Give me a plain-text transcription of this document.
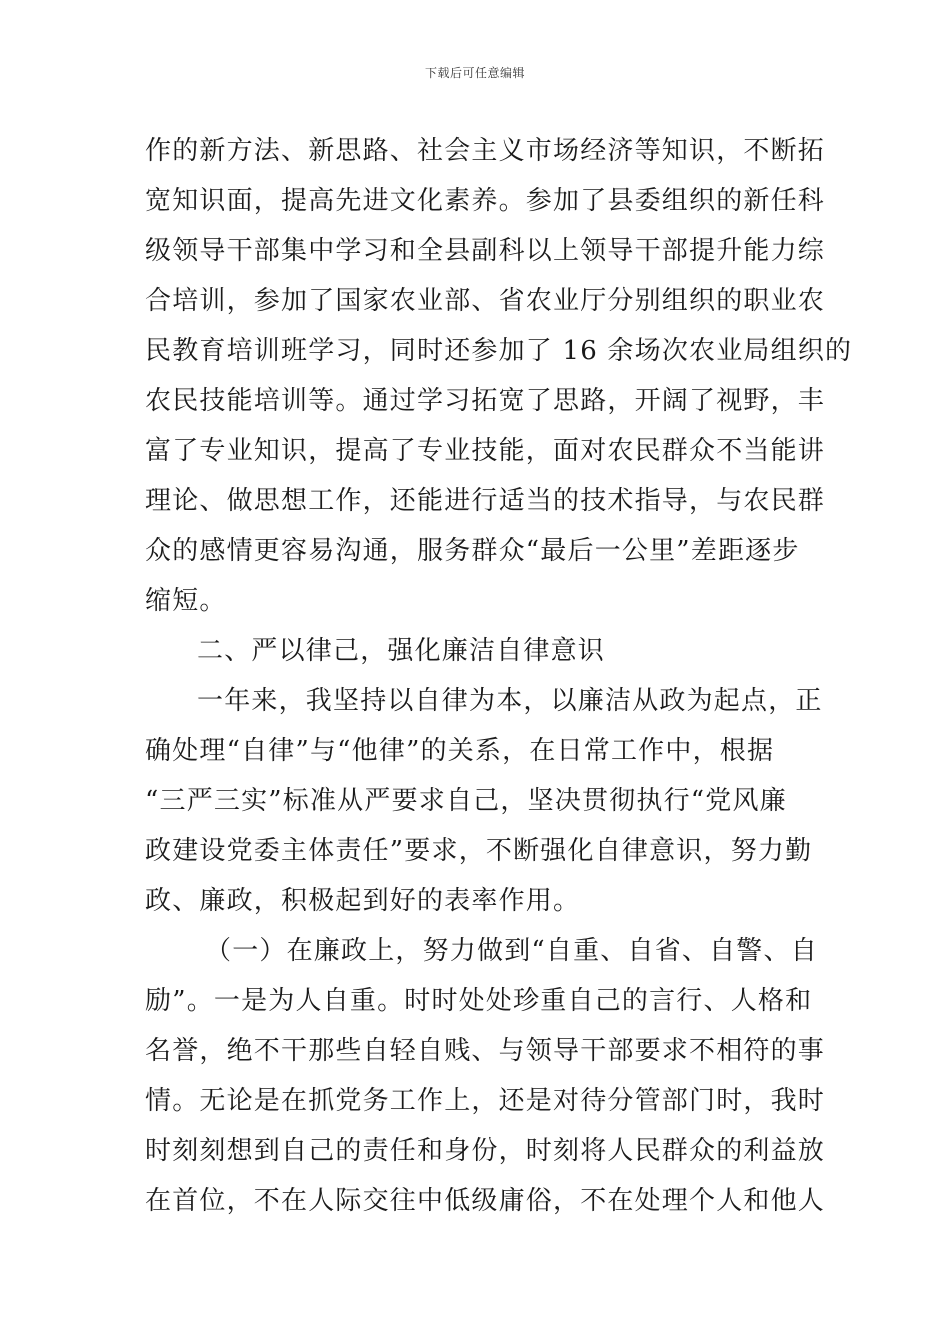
下载后可任意编辑
作的新方法、新思路、社会主义市场经济等知识，不断拓
宽知识面，提高先进文化素养。参加了县委组织的新任科
级领导干部集中学习和全县副科以上领导干部提升能力综
合培训，参加了国家农业部、省农业厅分别组织的职业农
民教育培训班学习，同时还参加了 16 余场次农业局组织的
农民技能培训等。通过学习拓宽了思路，开阔了视野，丰
富了专业知识，提高了专业技能，面对农民群众不当能讲
理论、做思想工作，还能进行适当的技术指导，与农民群
众的感情更容易沟通，服务群众“最后一公里”差距逐步
缩短。
二、严以律己，强化廉洁自律意识
一年来，我坚持以自律为本，以廉洁从政为起点，正
确处理“自律”与“他律”的关系，在日常工作中，根据
“三严三实”标准从严要求自己，坚决贯彻执行“党风廉
政建设党委主体责任”要求，不断强化自律意识，努力勤
政、廉政，积极起到好的表率作用。
（一）在廉政上，努力做到“自重、自省、自警、自
励”。一是为人自重。时时处处珍重自己的言行、人格和
名誉，绝不干那些自轻自贱、与领导干部要求不相符的事
情。无论是在抓党务工作上，还是对待分管部门时，我时
时刻刻想到自己的责任和身份，时刻将人民群众的利益放
在首位，不在人际交往中低级庸俗，不在处理个人和他人
